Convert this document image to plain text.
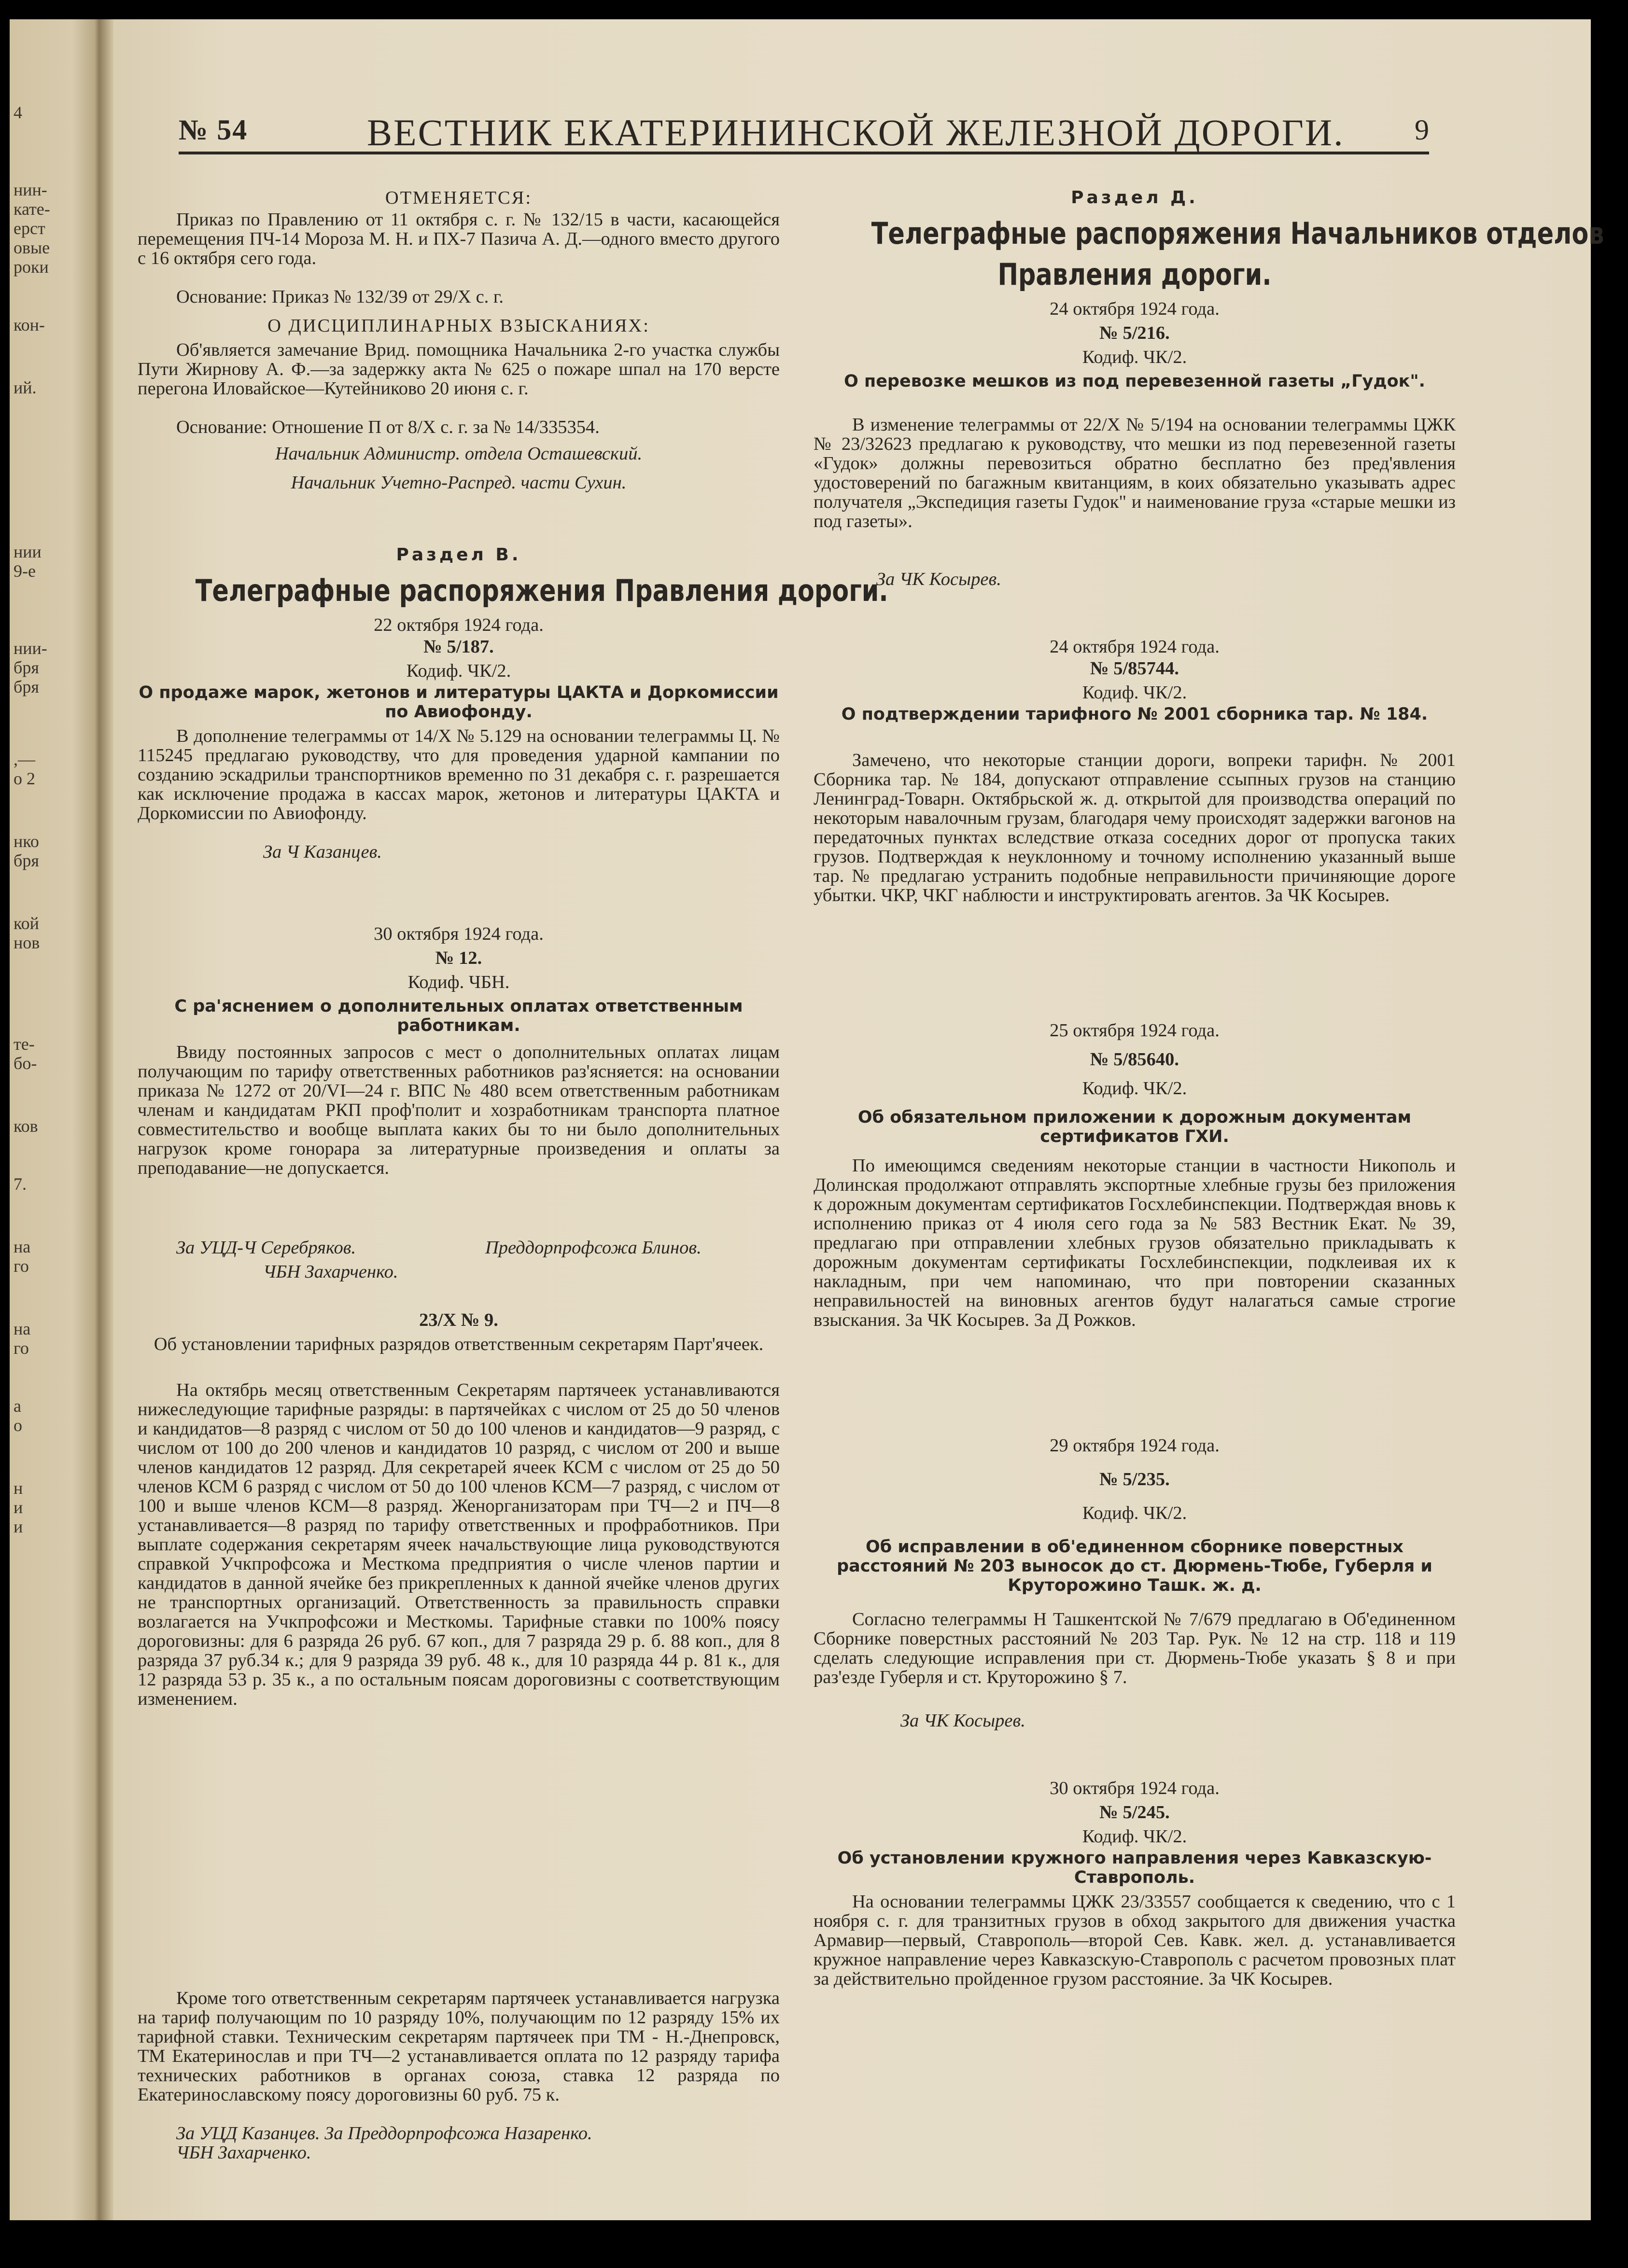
4
нин-
кате-
ерст
овые
роки
кон-
ий.
нии
9-е
нии-
бря
бря
,—
о 2
нко
бря
кой
нов
те-
бо-
ков
7.
на
го
на
го
а
о
н
и
и
№ 54	ВЕСТНИК ЕКАТЕРИНИНСКОЙ ЖЕЛЕЗНОЙ ДОРОГИ. 9
ОТМЕНЯЕТСЯ:
Приказ по Правлению от 11 октября с. г. № 132/15 в части, касающейся перемещения ПЧ-14 Мороза М. Н. и ПХ-7 Пазича А. Д.—одного вместо другого с 16 октября сего года.
Основание: Приказ № 132/39 от 29/X с. г.
О ДИСЦИПЛИНАРНЫХ ВЗЫСКАНИЯХ:
Об'является замечание Врид. помощника Начальника 2-го участка службы Пути Жирнову А. Ф.—за задержку акта № 625 о пожаре шпал на 170 версте перегона Иловайское—Кутейниково 20 июня с. г.
Основание: Отношение П от 8/X с. г. за № 14/335354.
Начальник Администр. отдела Осташевский.
Начальник Учетно-Распред. части Сухин.
Раздел В.
Телеграфные распоряжения Правления дороги.
22 октября 1924 года.
№ 5/187.
Кодиф. ЧК/2.
О продаже марок, жетонов и литературы ЦАКТА и Доркомиссии по Авиофонду.
В дополнение телеграммы от 14/X № 5.129 на основании телеграммы Ц. № 115245 предлагаю руководству, что для проведения ударной кампании по созданию эскадрильи транспортников временно по 31 декабря с. г. разрешается как исключение продажа в кассах марок, жетонов и литературы ЦАКТА и Доркомиссии по Авиофонду.
За Ч Казанцев.
30 октября 1924 года.
№ 12.
Кодиф. ЧБН.
С ра'яснением о дополнительных оплатах ответственным работникам.
Ввиду постоянных запросов с мест о дополнительных оплатах лицам получающим по тарифу ответственных работников раз'ясняется: на основании приказа № 1272 от 20/VI—24 г. ВПС № 480 всем ответственным работникам членам и кандидатам РКП проф'полит и хозработникам транспорта платное совместительство и вообще выплата каких бы то ни было дополнительных нагрузок кроме гонорара за литературные произведения и оплаты за преподавание—не допускается.
За УЦД-Ч Серебряков.	Преддорпрофсожа Блинов.
ЧБН Захарченко.
23/X № 9.
Об установлении тарифных разрядов ответственным секретарям Парт'ячеек.
На октябрь месяц ответственным Секретарям партячеек устанавливаются нижеследующие тарифные разряды: в партячейках с числом от 25 до 50 членов и кандидатов—8 разряд с числом от 50 до 100 членов и кандидатов—9 разряд, с числом от 100 до 200 членов и кандидатов 10 разряд, с числом от 200 и выше членов кандидатов 12 разряд. Для секретарей ячеек КСМ с числом от 25 до 50 членов КСМ 6 разряд с числом от 50 до 100 членов КСМ—7 разряд, с числом от 100 и выше членов КСМ—8 разряд. Женорганизаторам при ТЧ—2 и ПЧ—8 устанавливается—8 разряд по тарифу ответственных и профработников. При выплате содержания секретарям ячеек начальствующие лица руководствуются справкой Учкпрофсожа и Месткома предприятия о числе членов партии и кандидатов в данной ячейке без прикрепленных к данной ячейке членов других не транспортных организаций. Ответственность за правильность справки возлагается на Учкпрофсожи и Месткомы. Тарифные ставки по 100% поясу дороговизны: для 6 разряда 26 руб. 67 коп., для 7 разряда 29 р. б. 88 коп., для 8 разряда 37 руб.34 к.; для 9 разряда 39 руб. 48 к., для 10 разряда 44 р. 81 к., для 12 разряда 53 р. 35 к., а по остальным поясам дороговизны с соответствующим изменением.
Кроме того ответственным секретарям партячеек устанавливается нагрузка на тариф получающим по 10 разряду 10%, получающим по 12 разряду 15% их тарифной ставки. Техническим секретарям партячеек при ТМ - Н.-Днепровск, ТМ Екатеринослав и при ТЧ—2 устанавливается оплата по 12 разряду тарифа технических работников в органах союза, ставка 12 разряда по Екатеринославскому поясу дороговизны 60 руб. 75 к.
За УЦД Казанцев. За Преддорпрофсожа Назаренко.
ЧБН Захарченко.
Раздел Д.
Телеграфные распоряжения Начальников отделов
Правления дороги.
24 октября 1924 года.
№ 5/216.
Кодиф. ЧК/2.
О перевозке мешков из под перевезенной газеты „Гудок".
В изменение телеграммы от 22/X № 5/194 на основании телеграммы ЦЖК № 23/32623 предлагаю к руководству, что мешки из под перевезенной газеты «Гудок» должны перевозиться обратно бесплатно без пред'явления удостоверений по багажным квитанциям, в коих обязательно указывать адрес получателя „Экспедиция газеты Гудок" и наименование груза «старые мешки из под газеты».
За ЧК Косырев.
24 октября 1924 года.
№ 5/85744.
Кодиф. ЧК/2.
О подтверждении тарифного № 2001 сборника тар. № 184.
Замечено, что некоторые станции дороги, вопреки тарифн. № 2001 Сборника тар. № 184, допускают отправление ссыпных грузов на станцию Ленинград-Товарн. Октябрьской ж. д. открытой для производства операций по некоторым навалочным грузам, благодаря чему происходят задержки вагонов на передаточных пунктах вследствие отказа соседних дорог от пропуска таких грузов. Подтверждая к неуклонному и точному исполнению указанный выше тар. № предлагаю устранить подобные неправильности причиняющие дороге убытки. ЧКР, ЧКГ наблюсти и инструктировать агентов. За ЧК Косырев.
25 октября 1924 года.
№ 5/85640.
Кодиф. ЧК/2.
Об обязательном приложении к дорожным документам сертификатов ГХИ.
По имеющимся сведениям некоторые станции в частности Никополь и Долинская продолжают отправлять экспортные хлебные грузы без приложения к дорожным документам сертификатов Госхлебинспекции. Подтверждая вновь к исполнению приказ от 4 июля сего года за № 583 Вестник Екат. № 39, предлагаю при отправлении хлебных грузов обязательно прикладывать к дорожным документам сертификаты Госхлебинспекции, подклеивая их к накладным, при чем напоминаю, что при повторении сказанных неправильностей на виновных агентов будут налагаться самые строгие взыскания. За ЧК Косырев. За Д Рожков.
29 октября 1924 года.
№ 5/235.
Кодиф. ЧК/2.
Об исправлении в об'единенном сборнике поверстных расстояний № 203 выносок до ст. Дюрмень-Тюбе, Губерля и Круторожино Ташк. ж. д.
Согласно телеграммы Н Ташкентской № 7/679 предлагаю в Об'единенном Сборнике поверстных расстояний № 203 Тар. Рук. № 12 на стр. 118 и 119 сделать следующие исправления при ст. Дюрмень-Тюбе указать § 8 и при раз'езде Губерля и ст. Круторожино § 7.
За ЧК Косырев.
30 октября 1924 года.
№ 5/245.
Кодиф. ЧК/2.
Об установлении кружного направления через Кавказскую-Ставрополь.
На основании телеграммы ЦЖК 23/33557 сообщается к сведению, что с 1 ноября с. г. для транзитных грузов в обход закрытого для движения участка Армавир—первый, Ставрополь—второй Сев. Кавк. жел. д. устанавливается кружное направление через Кавказскую-Ставрополь с расчетом провозных плат за действительно пройденное грузом расстояние. За ЧК Косырев.
